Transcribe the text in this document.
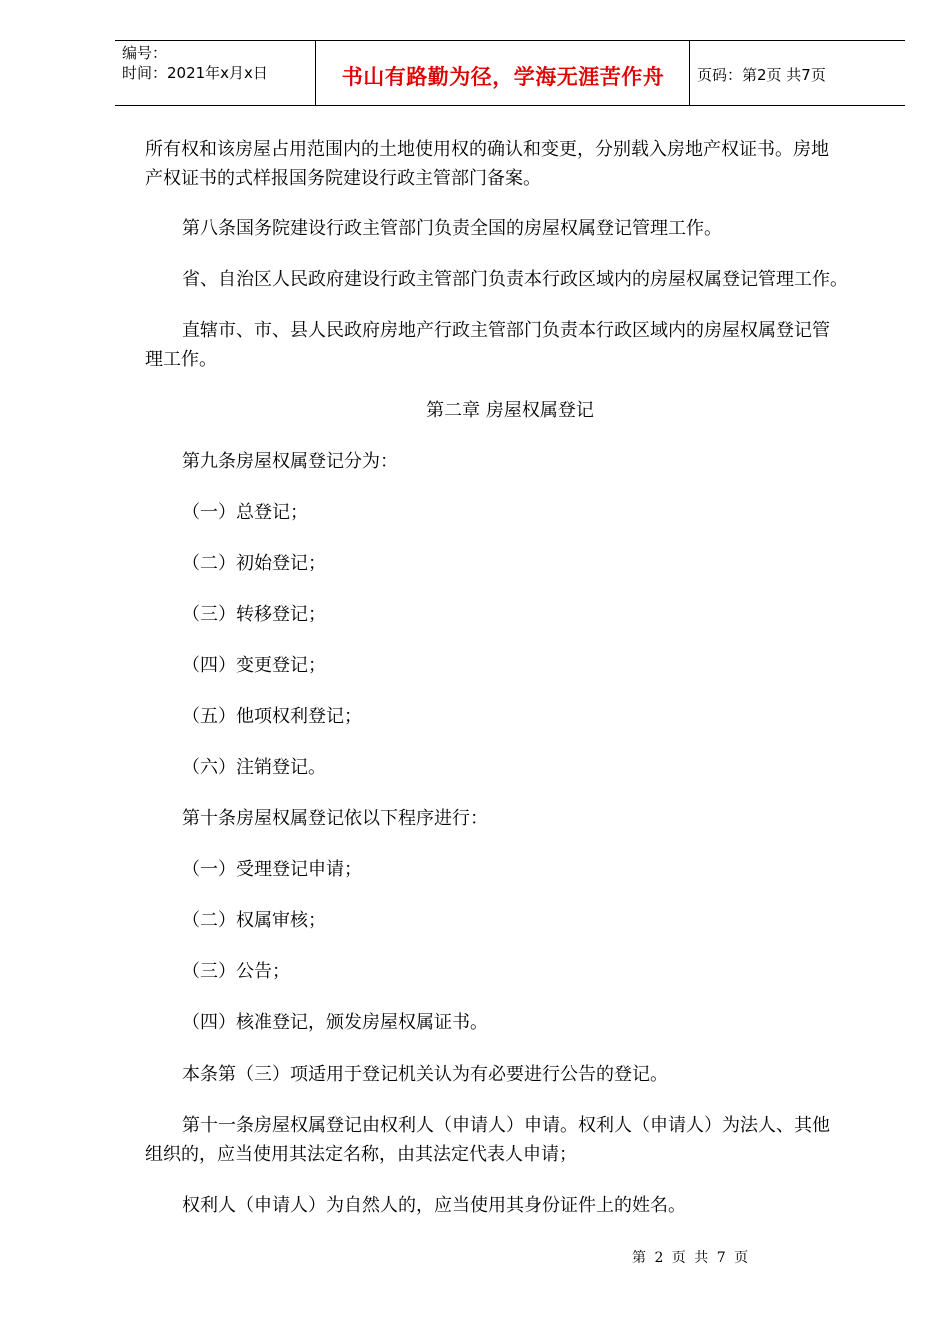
编号：
时间：2021年x月x日	书山有路勤为径，学海无涯苦作舟	页码：第2页 共7页
所有权和该房屋占用范围内的土地使用权的确认和变更，分别载入房地产权证书。房地
产权证书的式样报国务院建设行政主管部门备案。
第八条国务院建设行政主管部门负责全国的房屋权属登记管理工作。
省、自治区人民政府建设行政主管部门负责本行政区域内的房屋权属登记管理工作。
直辖市、市、县人民政府房地产行政主管部门负责本行政区域内的房屋权属登记管
理工作。
第二章 房屋权属登记
第九条房屋权属登记分为：
（一）总登记；
（二）初始登记；
（三）转移登记；
（四）变更登记；
（五）他项权利登记；
（六）注销登记。
第十条房屋权属登记依以下程序进行：
（一）受理登记申请；
（二）权属审核；
（三）公告；
（四）核准登记，颁发房屋权属证书。
本条第（三）项适用于登记机关认为有必要进行公告的登记。
第十一条房屋权属登记由权利人（申请人）申请。权利人（申请人）为法人、其他
组织的，应当使用其法定名称，由其法定代表人申请；
权利人（申请人）为自然人的，应当使用其身份证件上的姓名。
第 2 页 共 7 页
